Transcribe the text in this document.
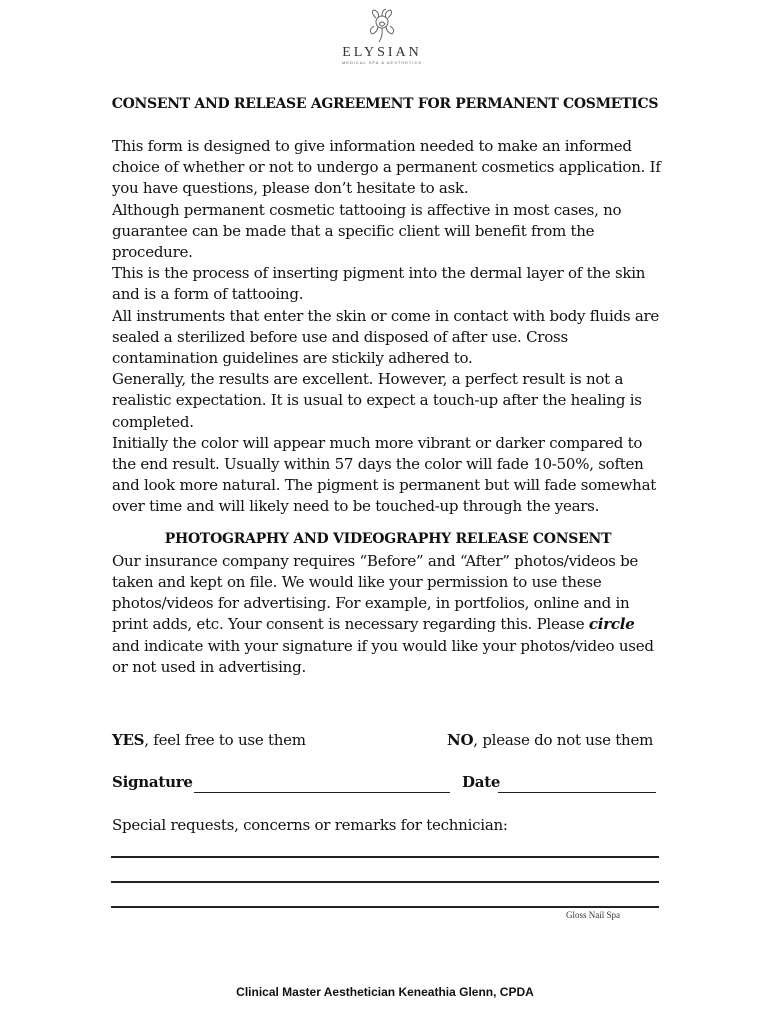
ELYSIAN
MEDICAL SPA & AESTHETICS
CONSENT AND RELEASE AGREEMENT FOR PERMANENT COSMETICS

This form is designed to give information needed to make an informed choice of whether or not to undergo a permanent cosmetics application. If you have questions, please don’t hesitate to ask.

Although permanent cosmetic tattooing is affective in most cases, no guarantee can be made that a specific client will benefit from the procedure.

This is the process of inserting pigment into the dermal layer of the skin and is a form of tattooing.

All instruments that enter the skin or come in contact with body fluids are sealed a sterilized before use and disposed of after use. Cross contamination guidelines are stickily adhered to.

Generally, the results are excellent. However, a perfect result is not a realistic expectation. It is usual to expect a touch-up after the healing is completed.

Initially the color will appear much more vibrant or darker compared to the end result. Usually within 57 days the color will fade 10-50%, soften and look more natural. The pigment is permanent but will fade somewhat over time and will likely need to be touched-up through the years.

PHOTOGRAPHY AND VIDEOGRAPHY RELEASE CONSENT

Our insurance company requires “Before” and “After” photos/videos be taken and kept on file. We would like your permission to use these photos/videos for advertising. For example, in portfolios, online and in print adds, etc. Your consent is necessary regarding this. Please circle and indicate with your signature if you would like your photos/video used or not used in advertising.

YES, feel free to use them	NO, please do not use them
Signature	Date
Special requests, concerns or remarks for technician:
Gloss Nail Spa
Clinical Master Aesthetician Keneathia Glenn, CPDA
